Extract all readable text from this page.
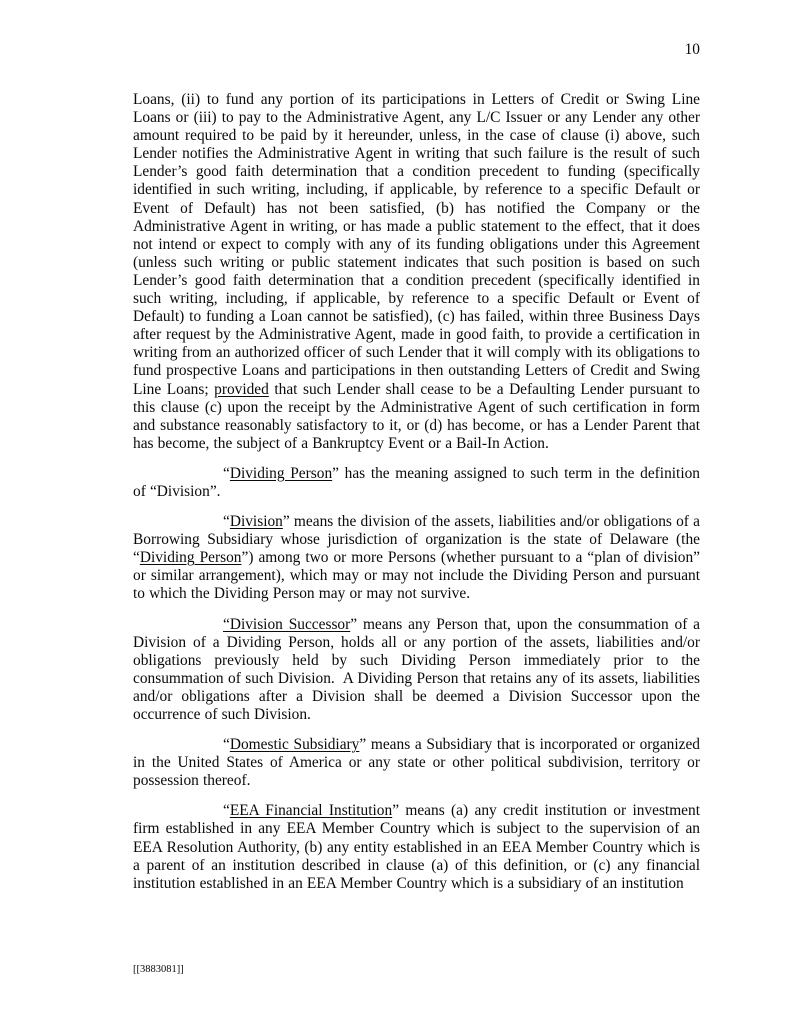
10

Loans, (ii) to fund any portion of its participations in Letters of Credit or Swing Line Loans or (iii) to pay to the Administrative Agent, any L/C Issuer or any Lender any other amount required to be paid by it hereunder, unless, in the case of clause (i) above, such Lender notifies the Administrative Agent in writing that such failure is the result of such Lender’s good faith determination that a condition precedent to funding (specifically identified in such writing, including, if applicable, by reference to a specific Default or Event of Default) has not been satisfied, (b) has notified the Company or the Administrative Agent in writing, or has made a public statement to the effect, that it does not intend or expect to comply with any of its funding obligations under this Agreement (unless such writing or public statement indicates that such position is based on such Lender’s good faith determination that a condition precedent (specifically identified in such writing, including, if applicable, by reference to a specific Default or Event of Default) to funding a Loan cannot be satisfied), (c) has failed, within three Business Days after request by the Administrative Agent, made in good faith, to provide a certification in writing from an authorized officer of such Lender that it will comply with its obligations to fund prospective Loans and participations in then outstanding Letters of Credit and Swing Line Loans; provided that such Lender shall cease to be a Defaulting Lender pursuant to this clause (c) upon the receipt by the Administrative Agent of such certification in form and substance reasonably satisfactory to it, or (d) has become, or has a Lender Parent that has become, the subject of a Bankruptcy Event or a Bail-In Action.

“Dividing Person” has the meaning assigned to such term in the definition of “Division”.

“Division” means the division of the assets, liabilities and/or obligations of a Borrowing Subsidiary whose jurisdiction of organization is the state of Delaware (the “Dividing Person”) among two or more Persons (whether pursuant to a “plan of division” or similar arrangement), which may or may not include the Dividing Person and pursuant to which the Dividing Person may or may not survive.

“Division Successor” means any Person that, upon the consummation of a Division of a Dividing Person, holds all or any portion of the assets, liabilities and/or obligations previously held by such Dividing Person immediately prior to the consummation of such Division.  A Dividing Person that retains any of its assets, liabilities and/or obligations after a Division shall be deemed a Division Successor upon the occurrence of such Division.

“Domestic Subsidiary” means a Subsidiary that is incorporated or organized in the United States of America or any state or other political subdivision, territory or possession thereof.

“EEA Financial Institution” means (a) any credit institution or investment firm established in any EEA Member Country which is subject to the supervision of an EEA Resolution Authority, (b) any entity established in an EEA Member Country which is a parent of an institution described in clause (a) of this definition, or (c) any financial institution established in an EEA Member Country which is a subsidiary of an institution

[[3883081]]
